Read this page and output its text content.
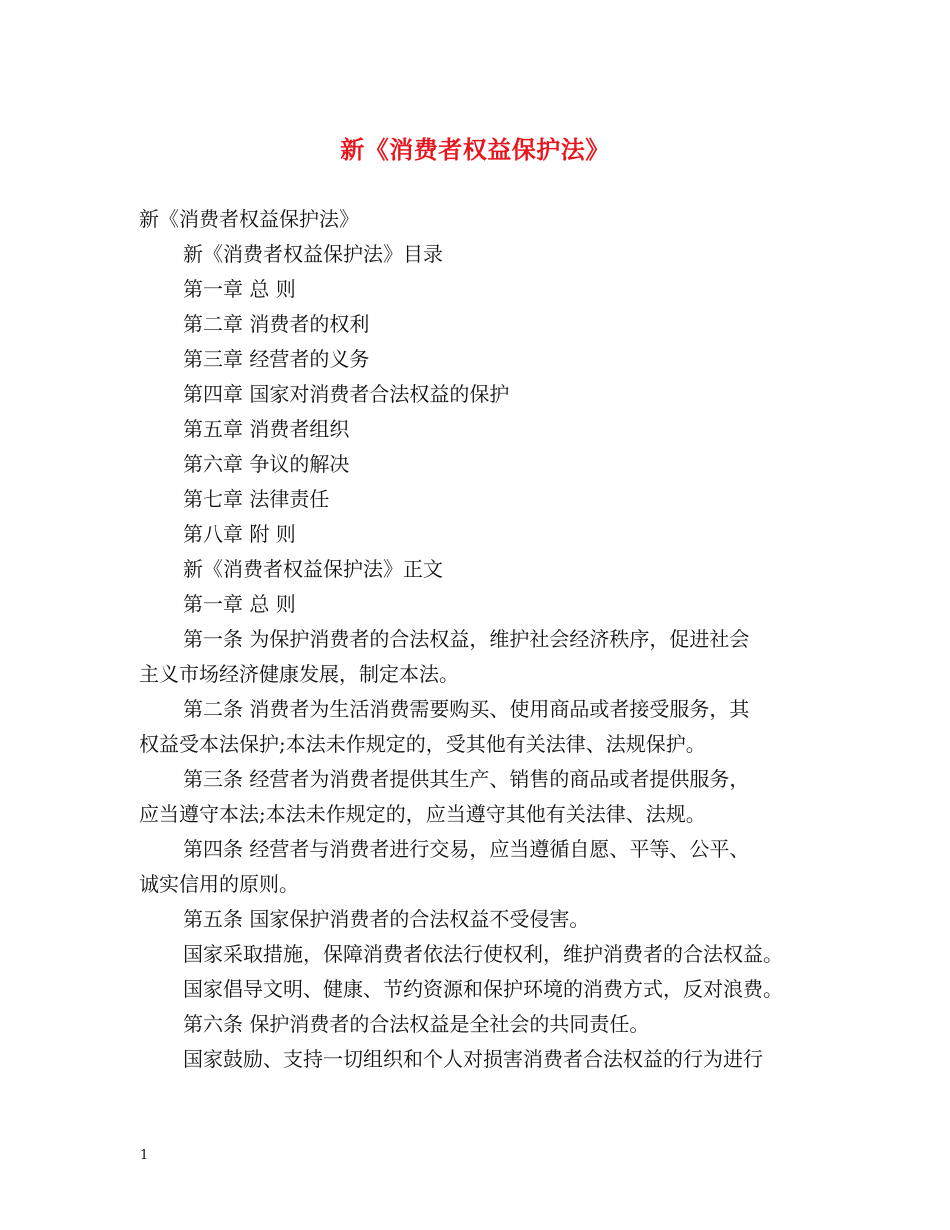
新《消费者权益保护法》
新《消费者权益保护法》
新《消费者权益保护法》目录
第一章 总 则
第二章 消费者的权利
第三章 经营者的义务
第四章 国家对消费者合法权益的保护
第五章 消费者组织
第六章 争议的解决
第七章 法律责任
第八章 附 则
新《消费者权益保护法》正文
第一章 总 则
第一条 为保护消费者的合法权益，维护社会经济秩序，促进社会
主义市场经济健康发展，制定本法。
第二条 消费者为生活消费需要购买、使用商品或者接受服务，其
权益受本法保护;本法未作规定的，受其他有关法律、法规保护。
第三条 经营者为消费者提供其生产、销售的商品或者提供服务，
应当遵守本法;本法未作规定的，应当遵守其他有关法律、法规。
第四条 经营者与消费者进行交易，应当遵循自愿、平等、公平、
诚实信用的原则。
第五条 国家保护消费者的合法权益不受侵害。
国家采取措施，保障消费者依法行使权利，维护消费者的合法权益。
国家倡导文明、健康、节约资源和保护环境的消费方式，反对浪费。
第六条 保护消费者的合法权益是全社会的共同责任。
国家鼓励、支持一切组织和个人对损害消费者合法权益的行为进行
1
